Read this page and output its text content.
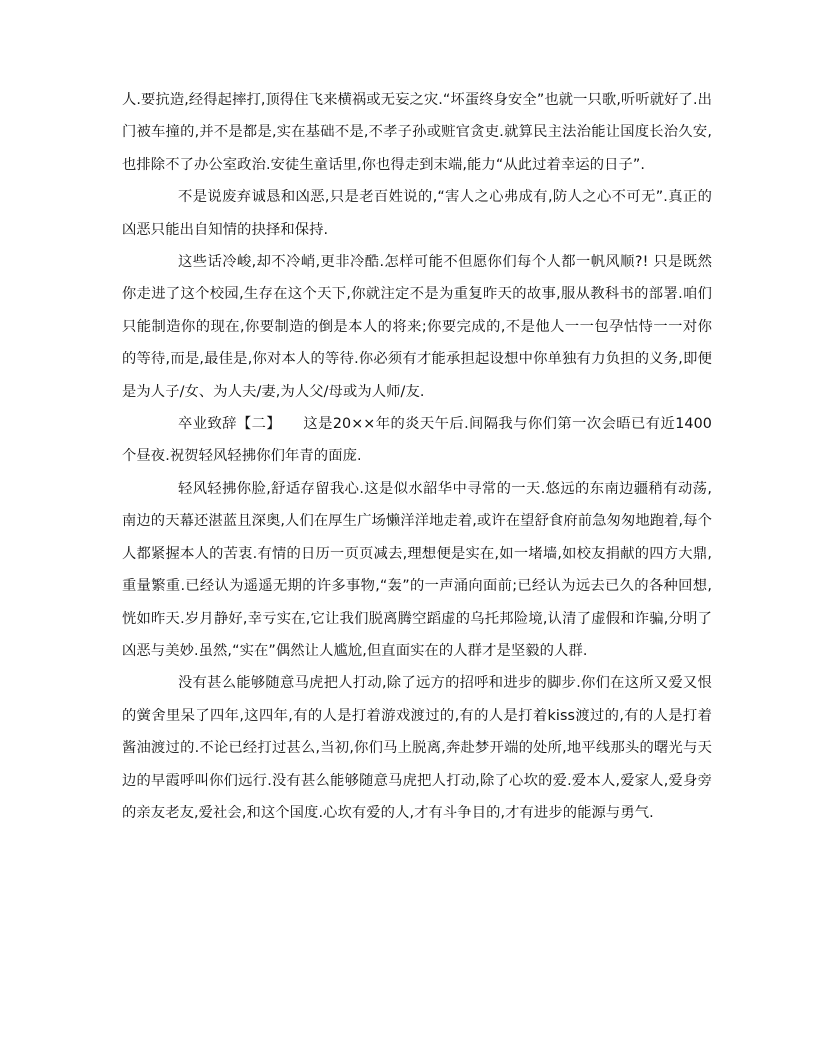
人.要抗造,经得起摔打,顶得住飞来横祸或无妄之灾.“坏蛋终身安全”也就一只歌,听听就好了.出门被车撞的,并不是都是,实在基础不是,不孝子孙或赃官贪吏.就算民主法治能让国度长治久安,也排除不了办公室政治.安徒生童话里,你也得走到末端,能力“从此过着幸运的日子”.

不是说废弃诚恳和凶恶,只是老百姓说的,“害人之心弗成有,防人之心不可无”.真正的凶恶只能出自知情的抉择和保持.

这些话冷峻,却不冷峭,更非冷酷.怎样可能不但愿你们每个人都一帆风顺?! 只是既然你走进了这个校园,生存在这个天下,你就注定不是为重复昨天的故事,服从教科书的部署.咱们只能制造你的现在,你要制造的倒是本人的将来;你要完成的,不是他人一一包孕怙恃一一对你的等待,而是,最佳是,你对本人的等待.你必须有才能承担起设想中你单独有力负担的义务,即便是为人子/女、为人夫/妻,为人父/母或为人师/友.

卒业致辞【二】　　这是20××年的炎天午后.间隔我与你们第一次会晤已有近1400个昼夜.祝贺轻风轻拂你们年青的面庞.

轻风轻拂你脸,舒适存留我心.这是似水韶华中寻常的一天.悠远的东南边疆稍有动荡,南边的天幕还湛蓝且深奥,人们在厚生广场懒洋洋地走着,或许在望舒食府前急匆匆地跑着,每个人都紧握本人的苦衷.有情的日历一页页减去,理想便是实在,如一堵墙,如校友捐献的四方大鼎,重量繁重.已经认为遥遥无期的许多事物,“轰”的一声涌向面前;已经认为远去已久的各种回想,恍如昨天.岁月静好,幸亏实在,它让我们脱离腾空蹈虚的乌托邦险境,认清了虚假和诈骗,分明了凶恶与美妙.虽然,“实在”偶然让人尴尬,但直面实在的人群才是坚毅的人群.

没有甚么能够随意马虎把人打动,除了远方的招呼和进步的脚步.你们在这所又爱又恨的黉舍里呆了四年,这四年,有的人是打着游戏渡过的,有的人是打着kiss渡过的,有的人是打着酱油渡过的.不论已经打过甚么,当初,你们马上脱离,奔赴梦开端的处所,地平线那头的曙光与天边的早霞呼叫你们远行.没有甚么能够随意马虎把人打动,除了心坎的爱.爱本人,爱家人,爱身旁的亲友老友,爱社会,和这个国度.心坎有爱的人,才有斗争目的,才有进步的能源与勇气.
